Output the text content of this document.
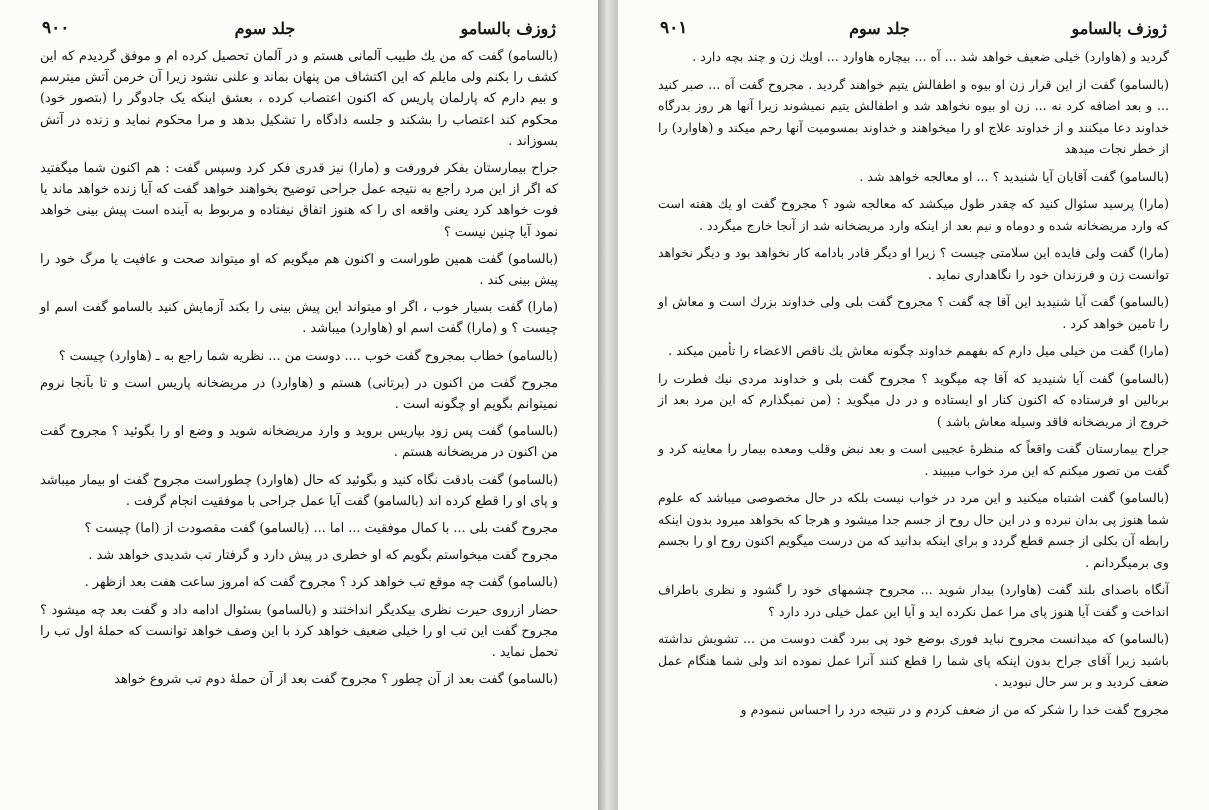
ژوزف بالسامو
جلد سوم
٩٠٠

(بالسامو) گفت که من یك طبیب آلمانی هستم و در آلمان تحصیل کرده ام و موفق گردیدم که این کشف را بکنم ولی مایلم که این اکتشاف من پنهان بماند و علنی نشود زیرا آن خرمن آتش میترسم و بیم دارم که پارلمان پاریس که اکنون اعتصاب کرده ، بعشق اینکه یک جادوگر را (بتصور خود) محکوم کند اعتصاب را بشکند و جلسه دادگاه را تشکیل بدهد و مرا محکوم نماید و زنده در آتش بسوزاند .

جراح بیمارستان بفکر فرورفت و (مارا) نیز قدری فکر کرد وسپس گفت : هم اکنون شما میگفتید که اگر از این مرد راجع به نتیجه عمل جراحی توضیح بخواهند خواهد گفت که آیا زنده خواهد ماند یا فوت خواهد کرد یعنی واقعه ای را که هنوز اتفاق نیفتاده و مربوط به آینده است پیش بینی خواهد نمود آیا چنین نیست ؟

(بالسامو) گفت همین طوراست و اکنون هم میگویم که او میتواند صحت و عافیت یا مرگ خود را پیش بینی کند .

(مارا) گفت بسیار خوب ، اگر او میتواند این پیش بینی را بکند آزمایش کنید بالسامو گفت اسم او چیست ؟ و (مارا) گفت اسم او (هاوارد) میباشد .

(بالسامو) خطاب بمجروح گفت خوب .... دوست من ... نظریه شما راجع به ـ (هاوارد) چیست ؟

مجروح گفت من اکنون در (برتانی) هستم و (هاوارد) در مریضخانه پاریس است و تا بآنجا نروم نمیتوانم بگویم او چگونه است .

(بالسامو) گفت پس زود بپاریس بروید و وارد مریضخانه شوید و وضع او را بگوئید ؟ مجروح گفت من اکنون در مریضخانه هستم .

(بالسامو) گفت بادقت نگاه کنید و بگوئید که حال (هاوارد) چطوراست مجروح گفت او بیمار میباشد و پای او را قطع کرده اند (بالسامو) گفت آیا عمل جراحی با موفقیت انجام گرفت .

مجروح گفت بلی ... با کمال موفقیت ... اما ... (بالسامو) گفت مقصودت از (اما) چیست ؟

مجروح گفت میخواستم بگویم که او خطری در پیش دارد و گرفتار تب شدیدی خواهد شد .

(بالسامو) گفت چه موقع تب خواهد کرد ؟ مجروح گفت که امروز ساعت هفت بعد ازظهر .

حضار ازروی حیرت نظری بیکدیگر انداختند و (بالسامو) بسئوال ادامه داد و گفت بعد چه میشود ؟ مجروح گفت این تب او را خیلی ضعیف خواهد کرد با این وصف خواهد توانست که حملهٔ اول تب را تحمل نماید .

(بالسامو) گفت بعد از آن چطور ؟ مجروح گفت بعد از آن حملهٔ دوم تب شروع خواهد

ژوزف بالسامو
جلد سوم
٩٠١

گردید و (هاوارد) خیلی ضعیف خواهد شد ... آه ... بیچاره هاوارد ... اویك زن و چند بچه دارد .

(بالسامو) گفت از این قرار زن او بیوه و اطفالش یتیم خواهند گردید . مجروح گفت آه ... صبر کنید ... و بعد اضافه کرد نه ... زن او بیوه نخواهد شد و اطفالش یتیم نمیشوند زیرا آنها هر روز بدرگاه خداوند دعا میکنند و از خداوند علاج او را میخواهند و خداوند بمسومیت آنها رحم میکند و (هاوارد) را از خطر نجات میدهد

(بالسامو) گفت آقایان آیا شنیدید ؟ ... او معالجه خواهد شد .

(مارا) پرسید سئوال کنید که چقدر طول میکشد که معالجه شود ؟ مجروح گفت او یك هفته است که وارد مریضخانه شده و دوماه و نیم بعد از اینکه وارد مریضخانه شد از آنجا خارج میگردد .

(مارا) گفت ولی فایده این سلامتی چیست ؟ زیرا او دیگر قادر بادامه کار نخواهد بود و دیگر نخواهد توانست زن و فرزندان خود را نگاهداری نماید .

(بالسامو) گفت آیا شنیدید این آقا چه گفت ؟ مجروح گفت بلی ولی خداوند بزرك است و معاش او را تامین خواهد کرد .

(مارا) گفت من خیلی میل دارم که بفهمم خداوند چگونه معاش یك ناقص الاعضاء را تأمین میکند .

(بالسامو) گفت آیا شنیدید که آقا چه میگوید ؟ مجروح گفت بلی و خداوند مردی نیك فطرت را بربالین او فرستاده که اکنون کنار او ایستاده و در دل میگوید : (من نمیگذارم که این مرد بعد از خروج از مریضخانه فاقد وسیله معاش باشد )

جراح بیمارستان گفت واقعاً که منظرهٔ عجیبی است و بعد نبض وقلب ومعده بیمار را معاینه کرد و گفت من تصور میکنم که این مرد خواب میبیند .

(بالسامو) گفت اشتباه میکنید و این مرد در خواب نیست بلکه در حال مخصوصی میباشد که علوم شما هنوز پی بدان نبرده و در این حال روح از جسم جدا میشود و هرجا که بخواهد میرود بدون اینکه رابطه آن بکلی از جسم قطع گردد و برای اینکه بدانید که من درست میگویم اکنون روح او را بجسم وی برمیگردانم .

آنگاه باصدای بلند گفت (هاوارد) بیدار شوید ... مجروح چشمهای خود را گشود و نظری باطراف انداخت و گفت آیا هنوز پای مرا عمل نکرده اید و آیا این عمل خیلی درد دارد ؟

(بالسامو) که میدانست مجروح نباید فوری بوضع خود پی ببرد گفت دوست من ... تشویش نداشته باشید زیرا آقای جراح بدون اینکه پای شما را قطع کنند آنرا عمل نموده اند ولی شما هنگام عمل ضعف کردید و بر سر حال نبودید .

مجروح گفت خدا را شکر که من از ضعف کردم و در نتیجه درد را احساس ننمودم و
